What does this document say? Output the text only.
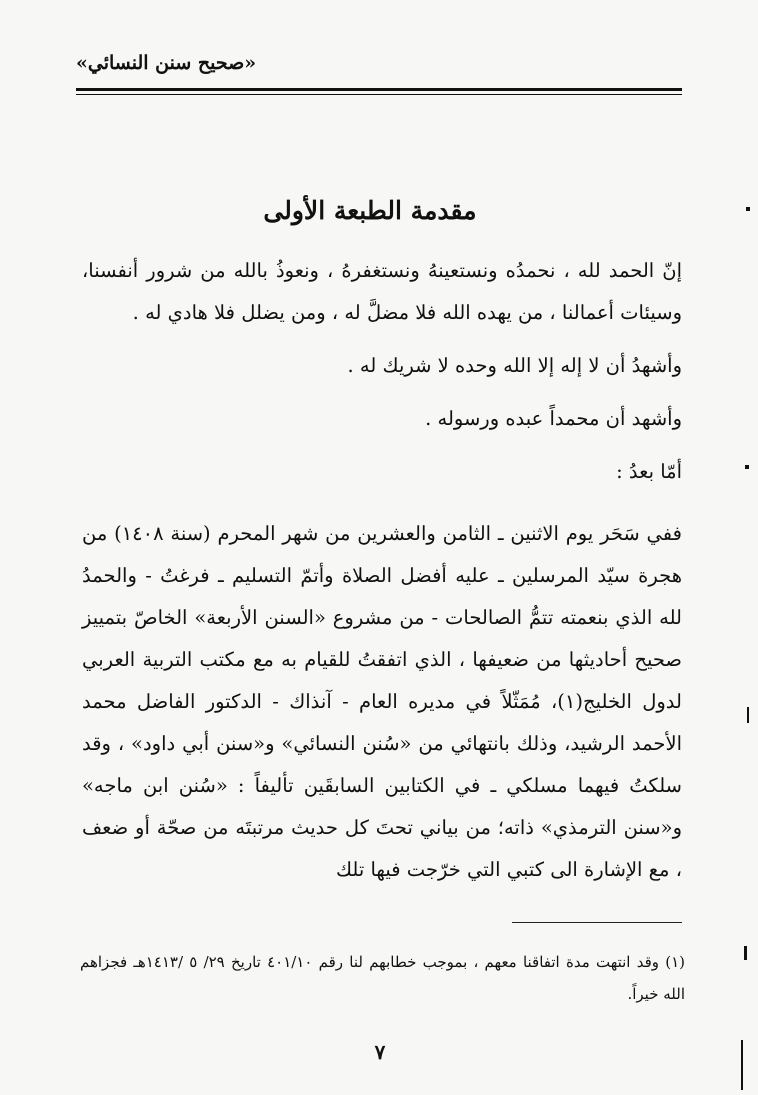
«صحيح سنن النسائي»
مقدمة الطبعة الأولى

إنّ الحمد لله ، نحمدُه ونستعينهُ ونستغفرهُ ، ونعوذُ بالله من شرور أنفسنا، وسيئات أعمالنا ، من يهده الله فلا مضلَّ له ، ومن يضلل فلا هادي له .

وأشهدُ أن لا إله إلا الله وحده لا شريك له .

وأشهد أن محمداً عبده ورسوله .

أمّا بعدُ :

ففي سَحَر يوم الاثنين ـ الثامن والعشرين من شهر المحرم (سنة ١٤٠٨) من هجرة سيّد المرسلين ـ عليه أفضل الصلاة وأتمّ التسليم ـ فرغتُ - والحمدُ لله الذي بنعمته تتمُّ الصالحات - من مشروع «السنن الأربعة» الخاصّ بتمييز صحيح أحاديثها من ضعيفها ، الذي اتفقتُ للقيام به مع مكتب التربية العربي لدول الخليج(١)، مُمَثّلاً في مديره العام - آنذاك - الدكتور الفاضل محمد الأحمد الرشيد، وذلك بانتهائي من «سُنن النسائي» و«سنن أبي داود» ، وقد سلكتُ فيهما مسلكي ـ في الكتابين السابقَين تأليفاً : «سُنن ابن ماجه» و«سنن الترمذي» ذاته؛ من بياني تحتَ كل حديث مرتبتَه من صحّة أو ضعف ، مع الإشارة الى كتبي التي خرّجت فيها تلك

(١) وقد انتهت مدة اتفاقنا معهم ، بموجب خطابهم لنا رقم ٤٠١/١٠ تاريخ ٢٩/ ٥ /١٤١٣هـ فجزاهم الله خيراً.

٧
